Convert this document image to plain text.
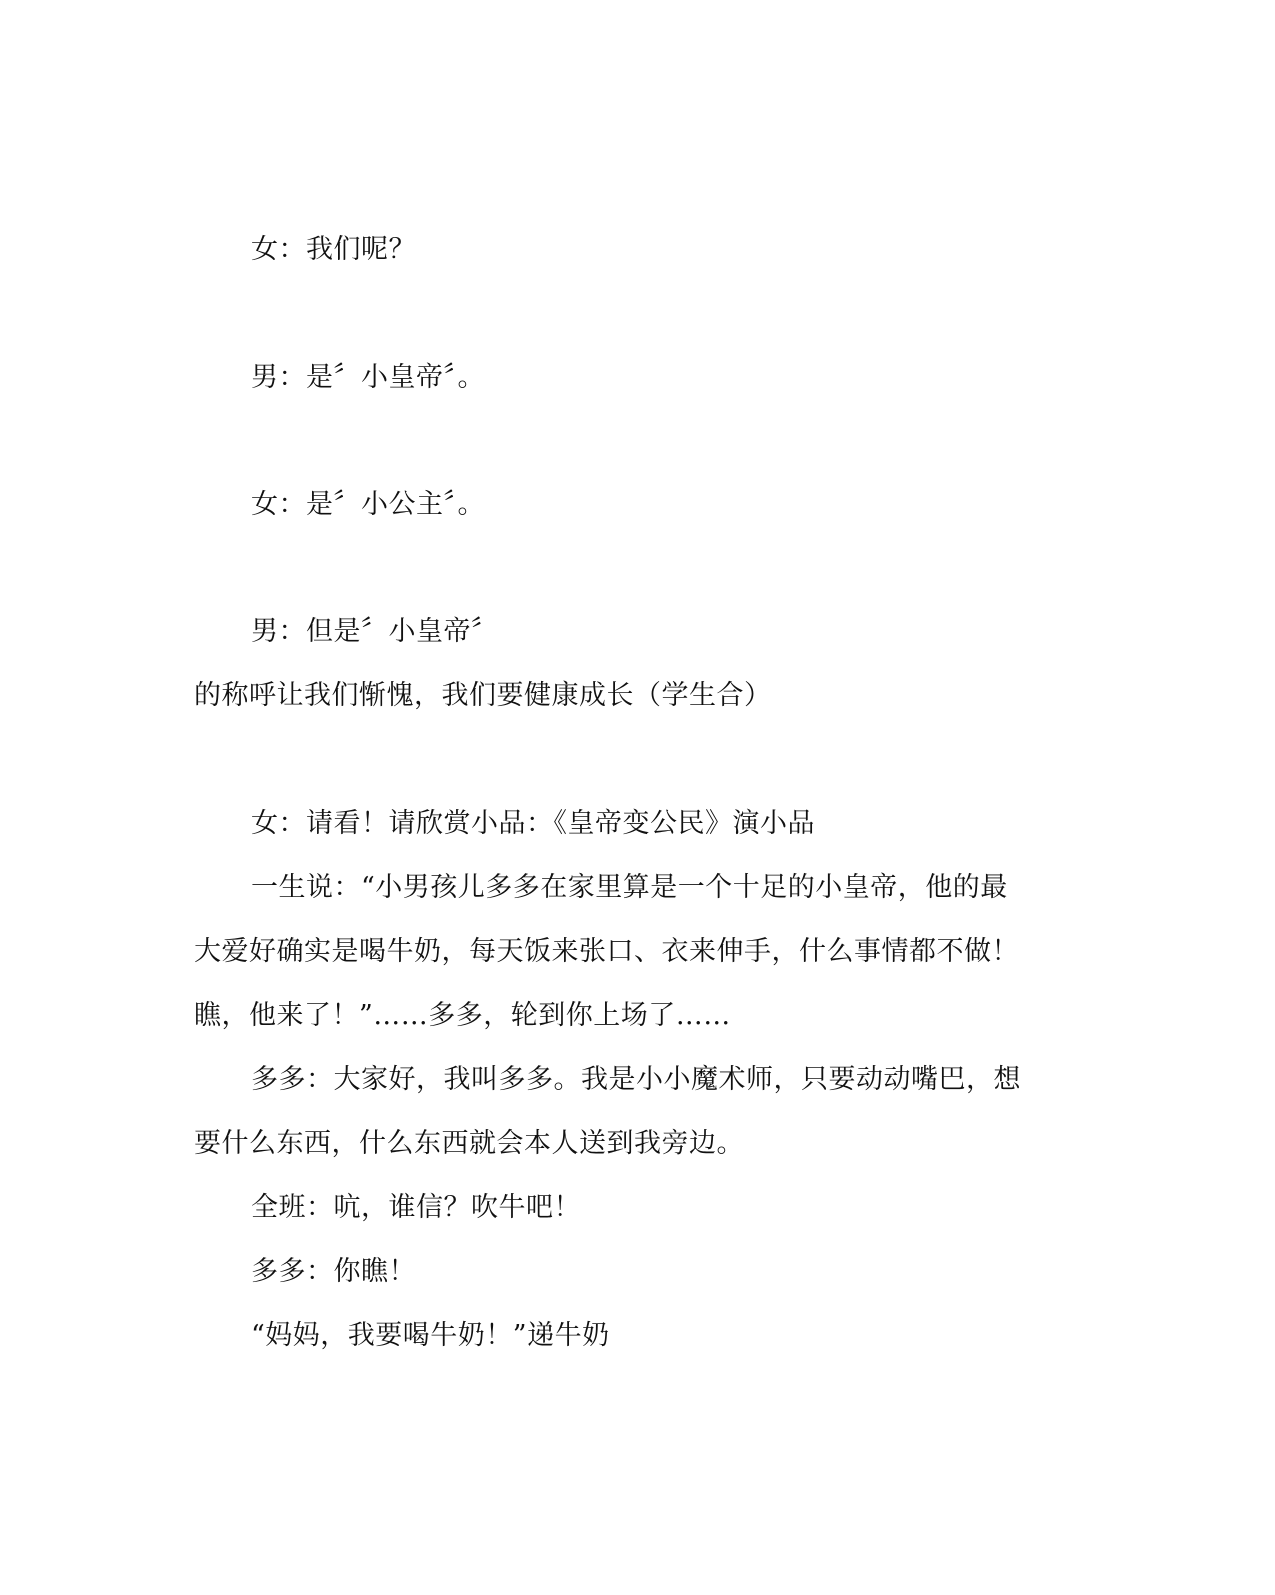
女：我们呢？
男：是〞小皇帝〞。
女：是〞小公主〞。
男：但是〞小皇帝〞
的称呼让我们惭愧，我们要健康成长（学生合）
女：请看！请欣赏小品：《皇帝变公民》演小品
一生说：“小男孩儿多多在家里算是一个十足的小皇帝，他的最
大爱好确实是喝牛奶，每天饭来张口、衣来伸手，什么事情都不做！
瞧，他来了！”……多多，轮到你上场了……
多多：大家好，我叫多多。我是小小魔术师，只要动动嘴巴，想
要什么东西，什么东西就会本人送到我旁边。
全班：吭，谁信？吹牛吧！
多多：你瞧！
“妈妈，我要喝牛奶！”递牛奶
